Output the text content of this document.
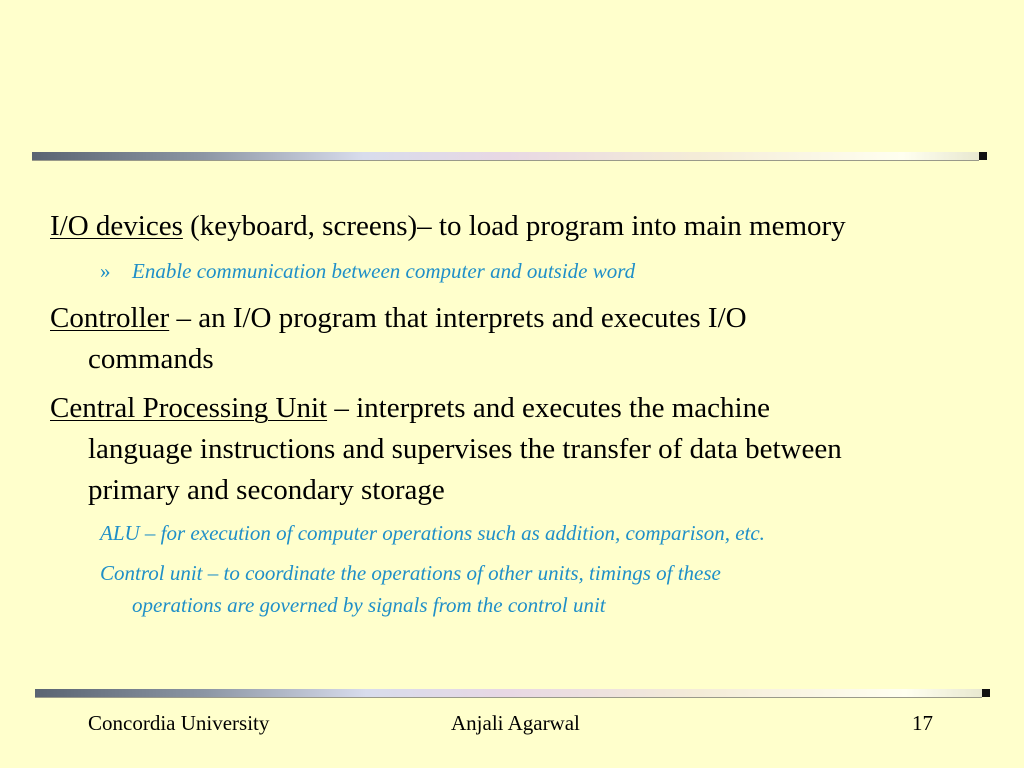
I/O devices (keyboard, screens)– to load program into main memory
» Enable communication between computer and outside word
Controller – an I/O program that interprets and executes I/O
commands
Central Processing Unit – interprets and executes the machine
language instructions and supervises the transfer of data between
primary and secondary storage
ALU – for execution of computer operations such as addition, comparison, etc.
Control unit – to coordinate the operations of other units, timings of these
operations are governed by signals from the control unit
Concordia University	Anjali Agarwal	17
